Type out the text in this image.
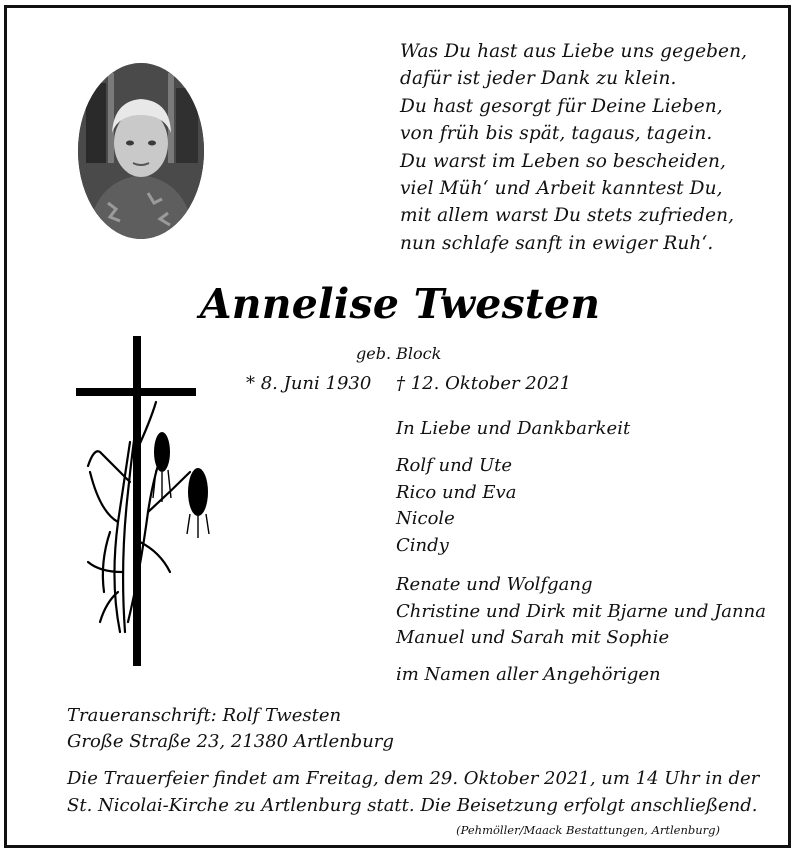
Was Du hast aus Liebe uns gegeben,
dafür ist jeder Dank zu klein.
Du hast gesorgt für Deine Lieben,
von früh bis spät, tagaus, tagein.
Du warst im Leben so bescheiden,
viel Müh‘ und Arbeit kanntest Du,
mit allem warst Du stets zufrieden,
nun schlafe sanft in ewiger Ruh‘.
Annelise Twesten
geb. Block
* 8. Juni 1930 † 12. Oktober 2021
In Liebe und Dankbarkeit
Rolf und Ute
Rico und Eva
Nicole
Cindy
Renate und Wolfgang
Christine und Dirk mit Bjarne und Janna
Manuel und Sarah mit Sophie
im Namen aller Angehörigen
Traueranschrift: Rolf Twesten
Große Straße 23, 21380 Artlenburg
Die Trauerfeier findet am Freitag, dem 29. Oktober 2021, um 14 Uhr in der
St. Nicolai-Kirche zu Artlenburg statt. Die Beisetzung erfolgt anschließend.
(Pehmöller/Maack Bestattungen, Artlenburg)
